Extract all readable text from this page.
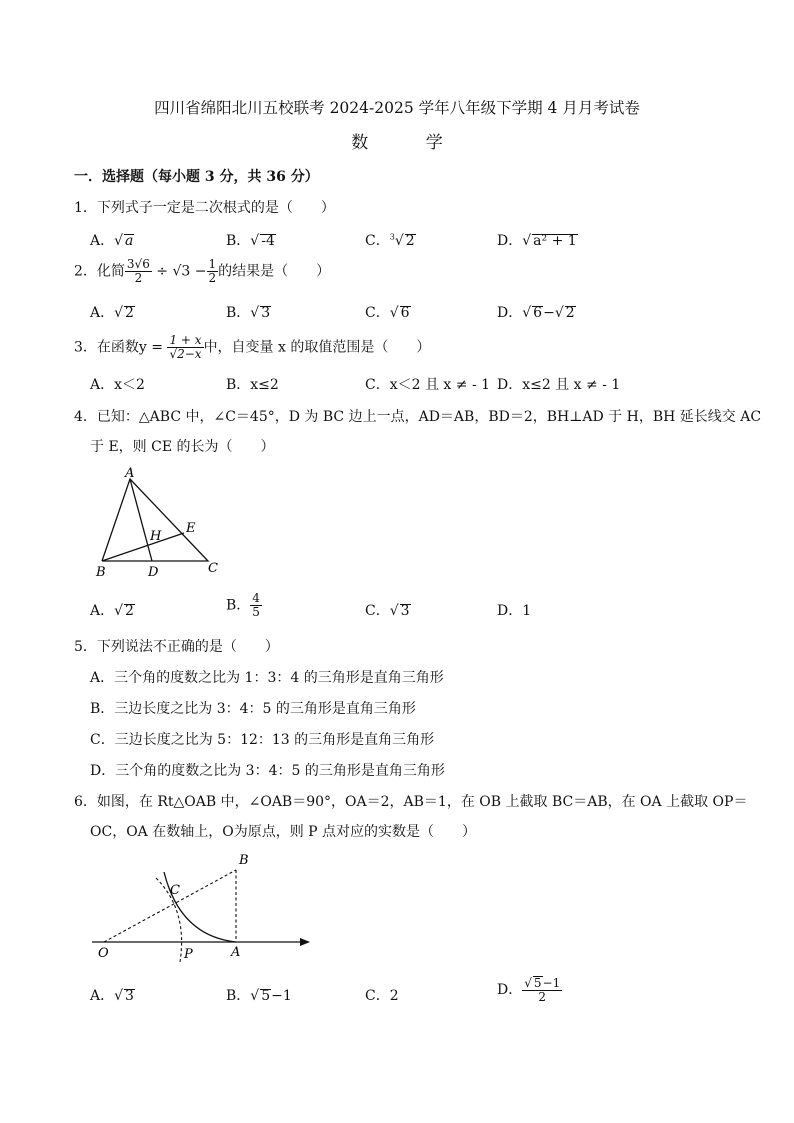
四川省绵阳北川五校联考 2024-2025 学年八年级下学期 4 月月考试卷
数 学
一．选择题（每小题 3 分，共 36 分）
1．下列式子一定是二次根式的是（　　）
A．√ a	B．√ -4	C．$^3$√ 2	D．√ a² + 1
2．化简 $\frac{3√6}{2} \div √3 - \frac{1}{2}$ 的结果是（　　）
A．√ 2	B．√ 3	C．√ 6	D．√ 6−√ 2
3．在函数$y = \frac{1 + x}{√2-x}$ 中，自变量 x 的取值范围是（　　）
A．x＜2	B．x≤2	C．x＜2 且 x ≠ - 1 D．x≤2 且 x ≠ - 1
4．已知：△ABC 中，∠C＝45°，D 为 BC 边上一点，AD＝AB，BD＝2，BH⊥AD 于 H，BH 延长线交 AC
于 E，则 CE 的长为（　　）
A
B	D	C
E
H
A．√ 2	B． $\frac{4}{5}$	C．√ 3	D．1
5．下列说法不正确的是（　　）
A．三个角的度数之比为 1：3：4 的三角形是直角三角形
B．三边长度之比为 3：4：5 的三角形是直角三角形
C．三边长度之比为 5：12：13 的三角形是直角三角形
D．三个角的度数之比为 3：4：5 的三角形是直角三角形
6．如图，在 Rt△OAB 中，∠OAB＝90°，OA＝2，AB＝1，在 OB 上截取 BC＝AB，在 OA 上截取 OP＝
OC，OA 在数轴上，O为原点，则 P 点对应的实数是（　　）
O	P	A
B
C
A．√ 3	B．√ 5−1	C．2	D． $\frac{√ 5-1}{2}$
